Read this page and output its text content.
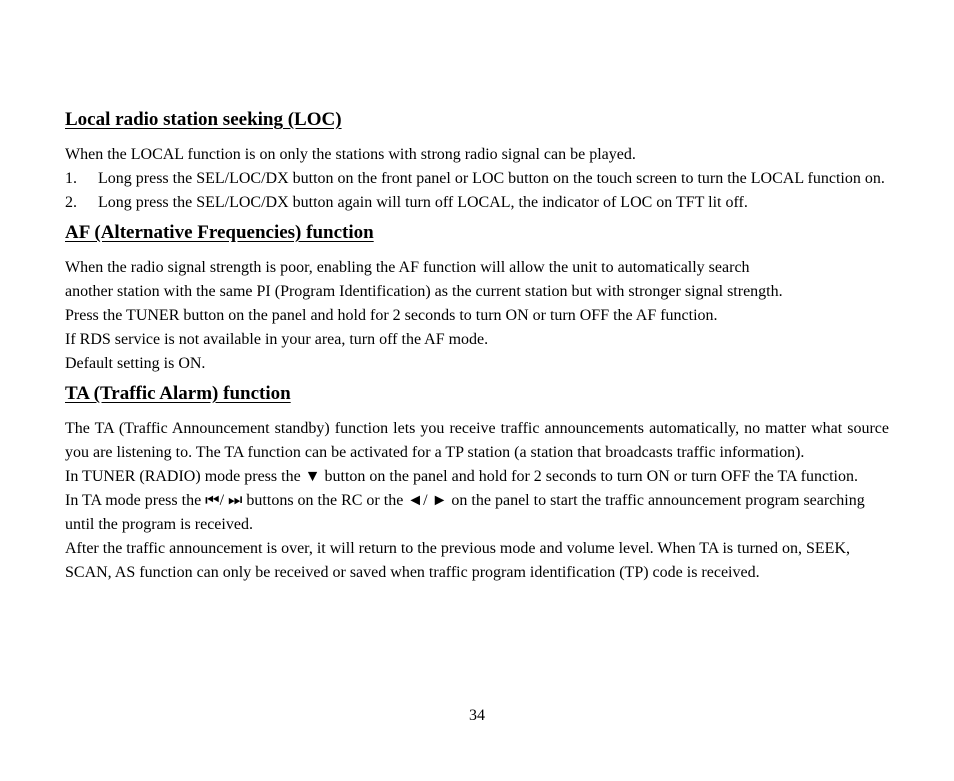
Local radio station seeking (LOC)

When the LOCAL function is on only the stations with strong radio signal can be played.

1.	Long press the SEL/LOC/DX button on the front panel or LOC button on the touch screen to turn the LOCAL function on.
2.	Long press the SEL/LOC/DX button again will turn off LOCAL, the indicator of LOC on TFT lit off.
AF (Alternative Frequencies) function

When the radio signal strength is poor, enabling the AF function will allow the unit to automatically search

another station with the same PI (Program Identification) as the current station but with stronger signal strength.

Press the TUNER button on the panel and hold for 2 seconds to turn ON or turn OFF the AF function.

If RDS service is not available in your area, turn off the AF mode.

Default setting is ON.

TA (Traffic Alarm) function

The TA (Traffic Announcement standby) function lets you receive traffic announcements automatically, no matter what source you are listening to. The TA function can be activated for a TP station (a station that broadcasts traffic information).

In TUNER (RADIO) mode press the ▼ button on the panel and hold for 2 seconds to turn ON or turn OFF the TA function.

In TA mode press the ⏮/ ⏭ buttons on the RC or the ◄/ ► on the panel to start the traffic announcement program searching until the program is received.

After the traffic announcement is over, it will return to the previous mode and volume level. When TA is turned on, SEEK, SCAN, AS function can only be received or saved when traffic program identification (TP) code is received.

34
